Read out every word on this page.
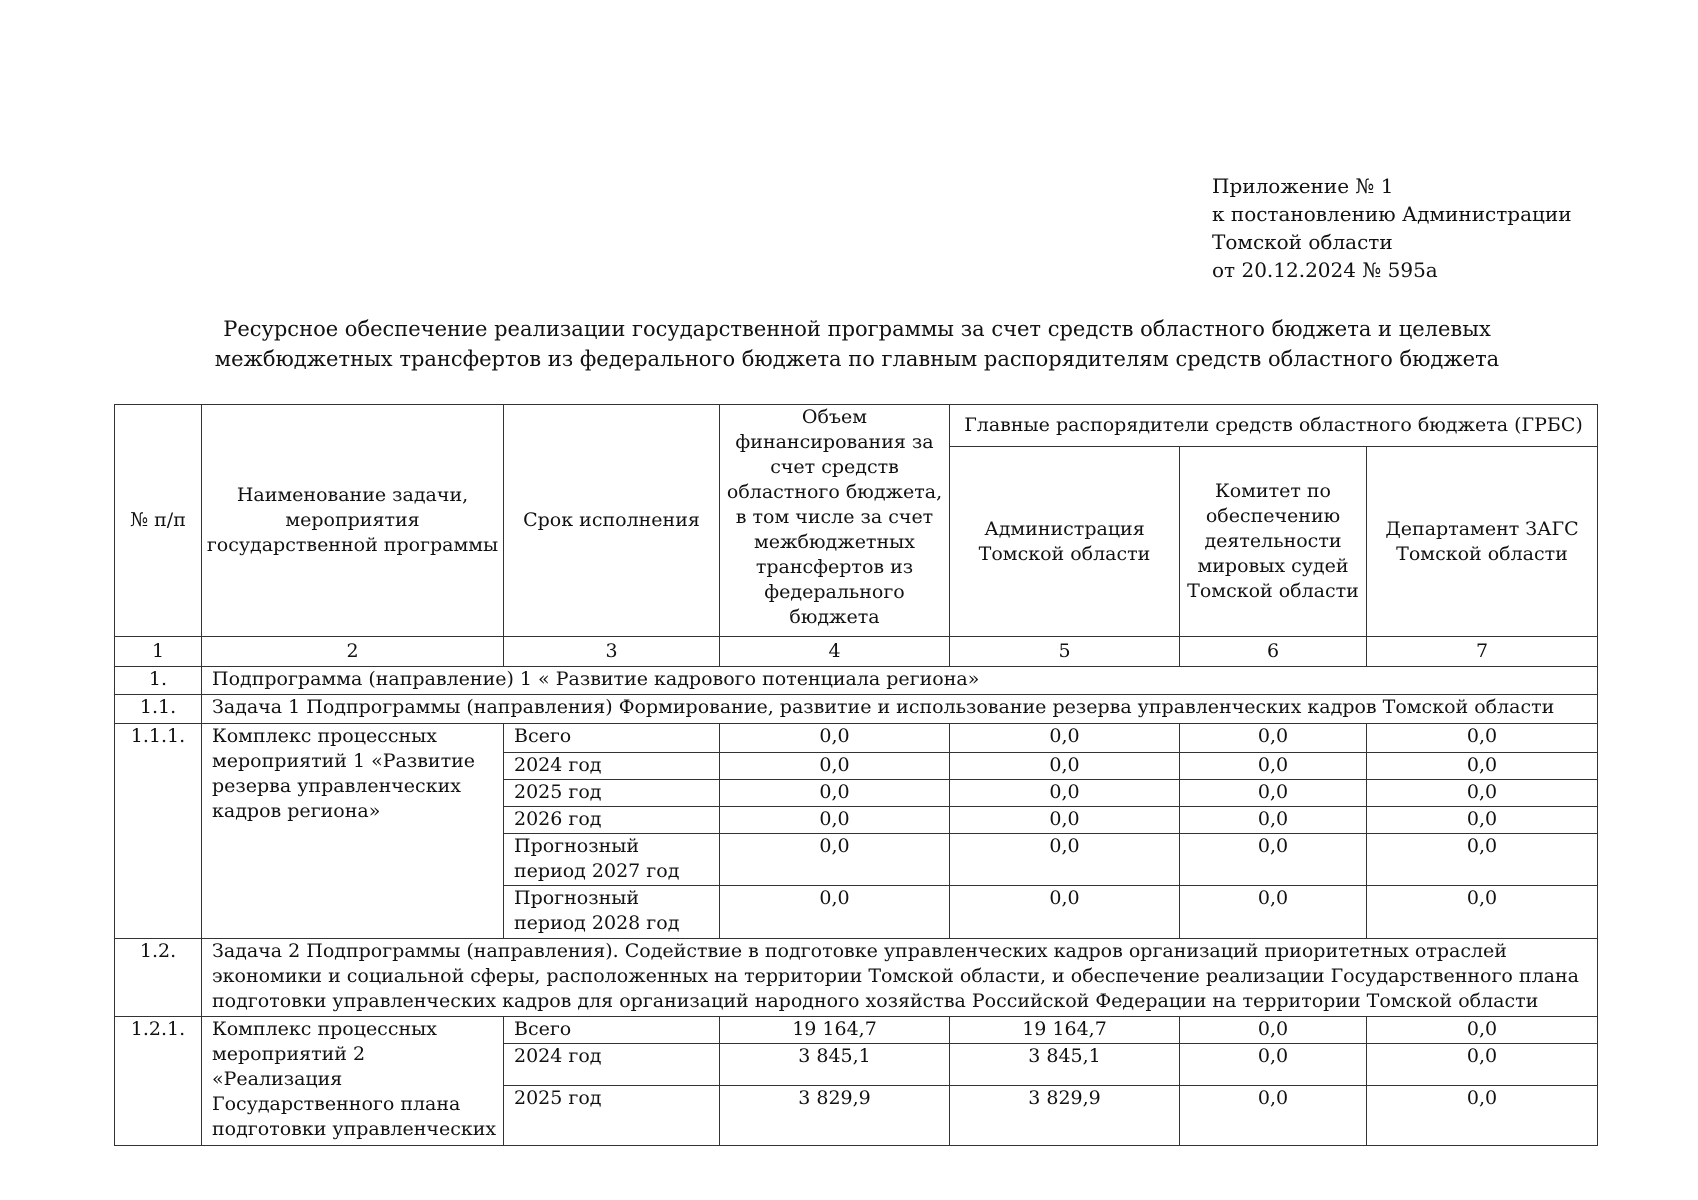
Приложение № 1
к постановлению Администрации
Томской области
от 20.12.2024 № 595а
Ресурсное обеспечение реализации государственной программы за счет средств областного бюджета и целевых
межбюджетных трансфертов из федерального бюджета по главным распорядителям средств областного бюджета
№ п/п	Наименование задачи, мероприятия государственной программы	Срок исполнения	Объем финансирования за счет средств областного бюджета, в том числе за счет межбюджетных трансфертов из федерального бюджета	Главные распорядители средств областного бюджета (ГРБС)		
				Администрация Томской области	Комитет по обеспечению деятельности мировых судей Томской области	Департамент ЗАГС Томской области
1	2	3	4	5	6	7
1.	Подпрограмма (направление) 1 « Развитие кадрового потенциала региона»					
1.1.	Задача 1 Подпрограммы (направления) Формирование, развитие и использование резерва управленческих кадров Томской области					
1.1.1.	Комплекс процессных мероприятий 1 «Развитие резерва управленческих кадров региона»	Всего	0,0	0,0	0,0	0,0
		2024 год	0,0	0,0	0,0	0,0
		2025 год	0,0	0,0	0,0	0,0
		2026 год	0,0	0,0	0,0	0,0
		Прогнозный период 2027 год	0,0	0,0	0,0	0,0
		Прогнозный период 2028 год	0,0	0,0	0,0	0,0
1.2.	Задача 2 Подпрограммы (направления). Содействие в подготовке управленческих кадров организаций приоритетных отраслей экономики и социальной сферы, расположенных на территории Томской области, и обеспечение реализации Государственного плана подготовки управленческих кадров для организаций народного хозяйства Российской Федерации на территории Томской области					
1.2.1.	Комплекс процессных мероприятий 2 «Реализация Государственного плана подготовки управленческих	Всего	19 164,7	19 164,7	0,0	0,0
		2024 год	3 845,1	3 845,1	0,0	0,0
		2025 год	3 829,9	3 829,9	0,0	0,0
